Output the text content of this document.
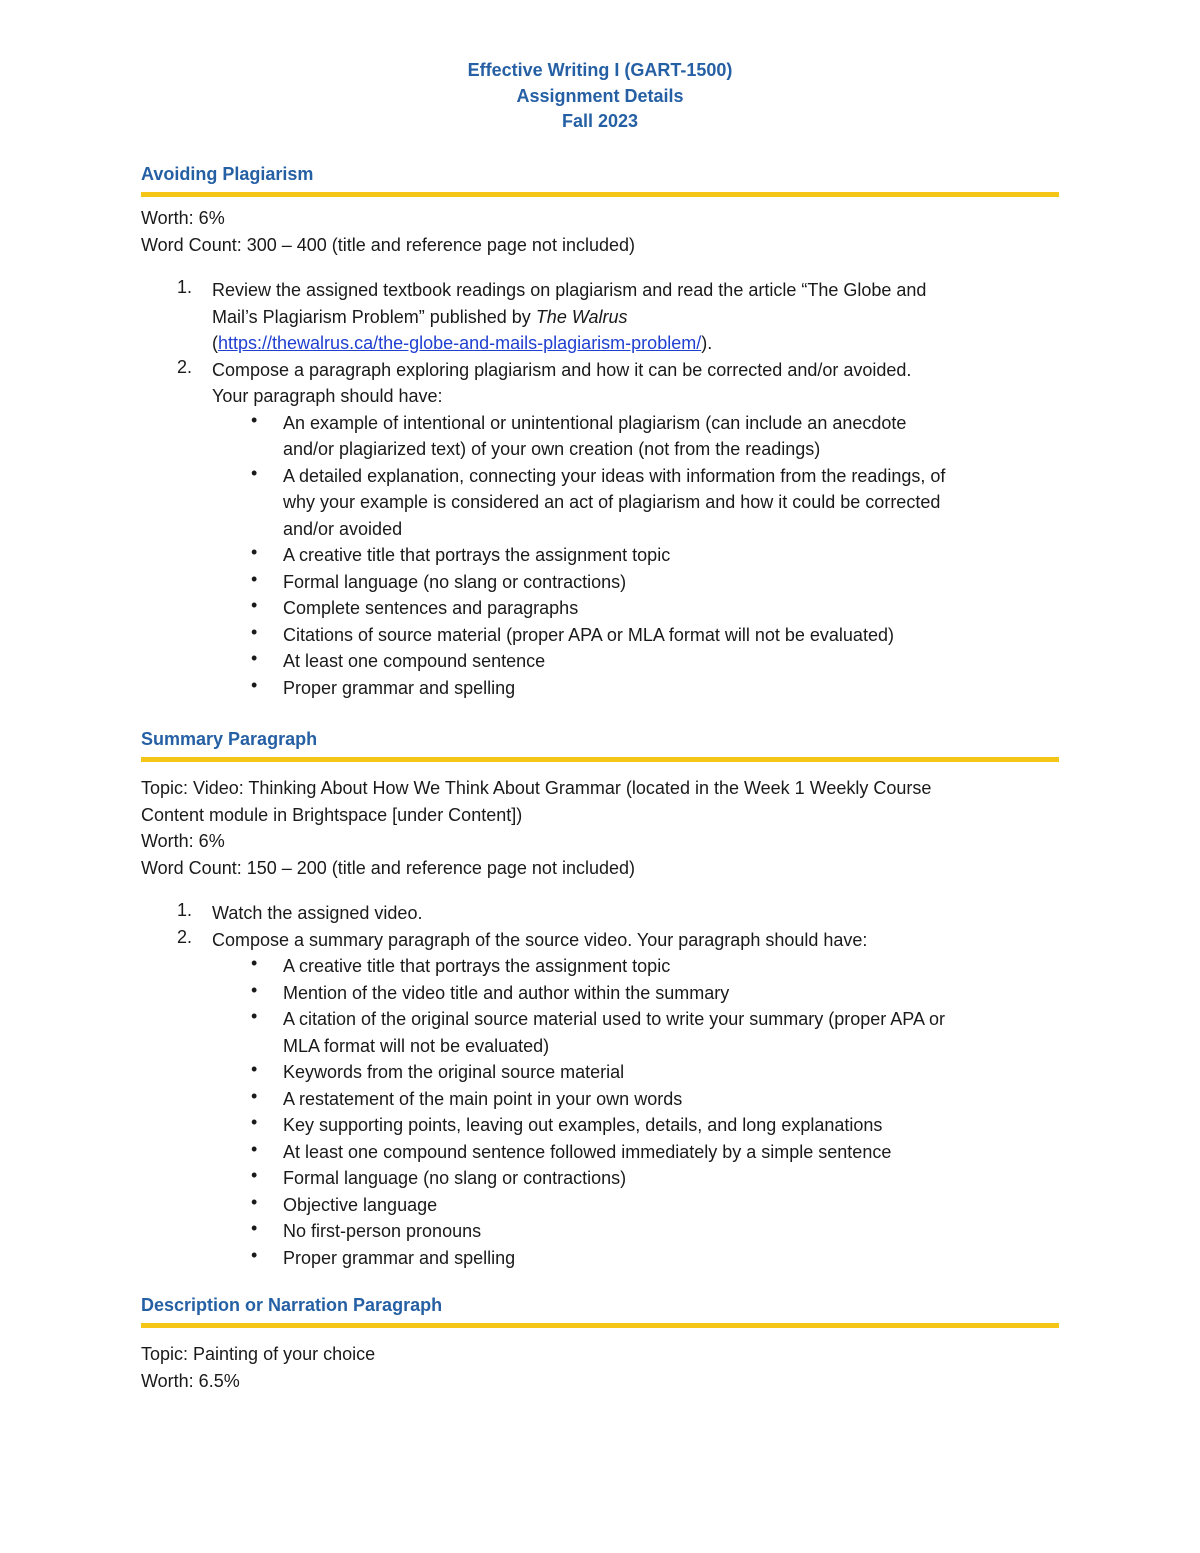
Effective Writing I (GART-1500)
Assignment Details
Fall 2023
Avoiding Plagiarism
Worth: 6%
Word Count: 300 – 400 (title and reference page not included)
1. Review the assigned textbook readings on plagiarism and read the article “The Globe and
Mail’s Plagiarism Problem” published by The Walrus
(https://thewalrus.ca/the-globe-and-mails-plagiarism-problem/).
2. Compose a paragraph exploring plagiarism and how it can be corrected and/or avoided.
Your paragraph should have:
• An example of intentional or unintentional plagiarism (can include an anecdote
and/or plagiarized text) of your own creation (not from the readings)
• A detailed explanation, connecting your ideas with information from the readings, of
why your example is considered an act of plagiarism and how it could be corrected
and/or avoided
• A creative title that portrays the assignment topic
• Formal language (no slang or contractions)
• Complete sentences and paragraphs
• Citations of source material (proper APA or MLA format will not be evaluated)
• At least one compound sentence
• Proper grammar and spelling
Summary Paragraph
Topic: Video: Thinking About How We Think About Grammar (located in the Week 1 Weekly Course
Content module in Brightspace [under Content])
Worth: 6%
Word Count: 150 – 200 (title and reference page not included)
1. Watch the assigned video.
2. Compose a summary paragraph of the source video. Your paragraph should have:
• A creative title that portrays the assignment topic
• Mention of the video title and author within the summary
• A citation of the original source material used to write your summary (proper APA or
MLA format will not be evaluated)
• Keywords from the original source material
• A restatement of the main point in your own words
• Key supporting points, leaving out examples, details, and long explanations
• At least one compound sentence followed immediately by a simple sentence
• Formal language (no slang or contractions)
• Objective language
• No first-person pronouns
• Proper grammar and spelling
Description or Narration Paragraph
Topic: Painting of your choice
Worth: 6.5%
